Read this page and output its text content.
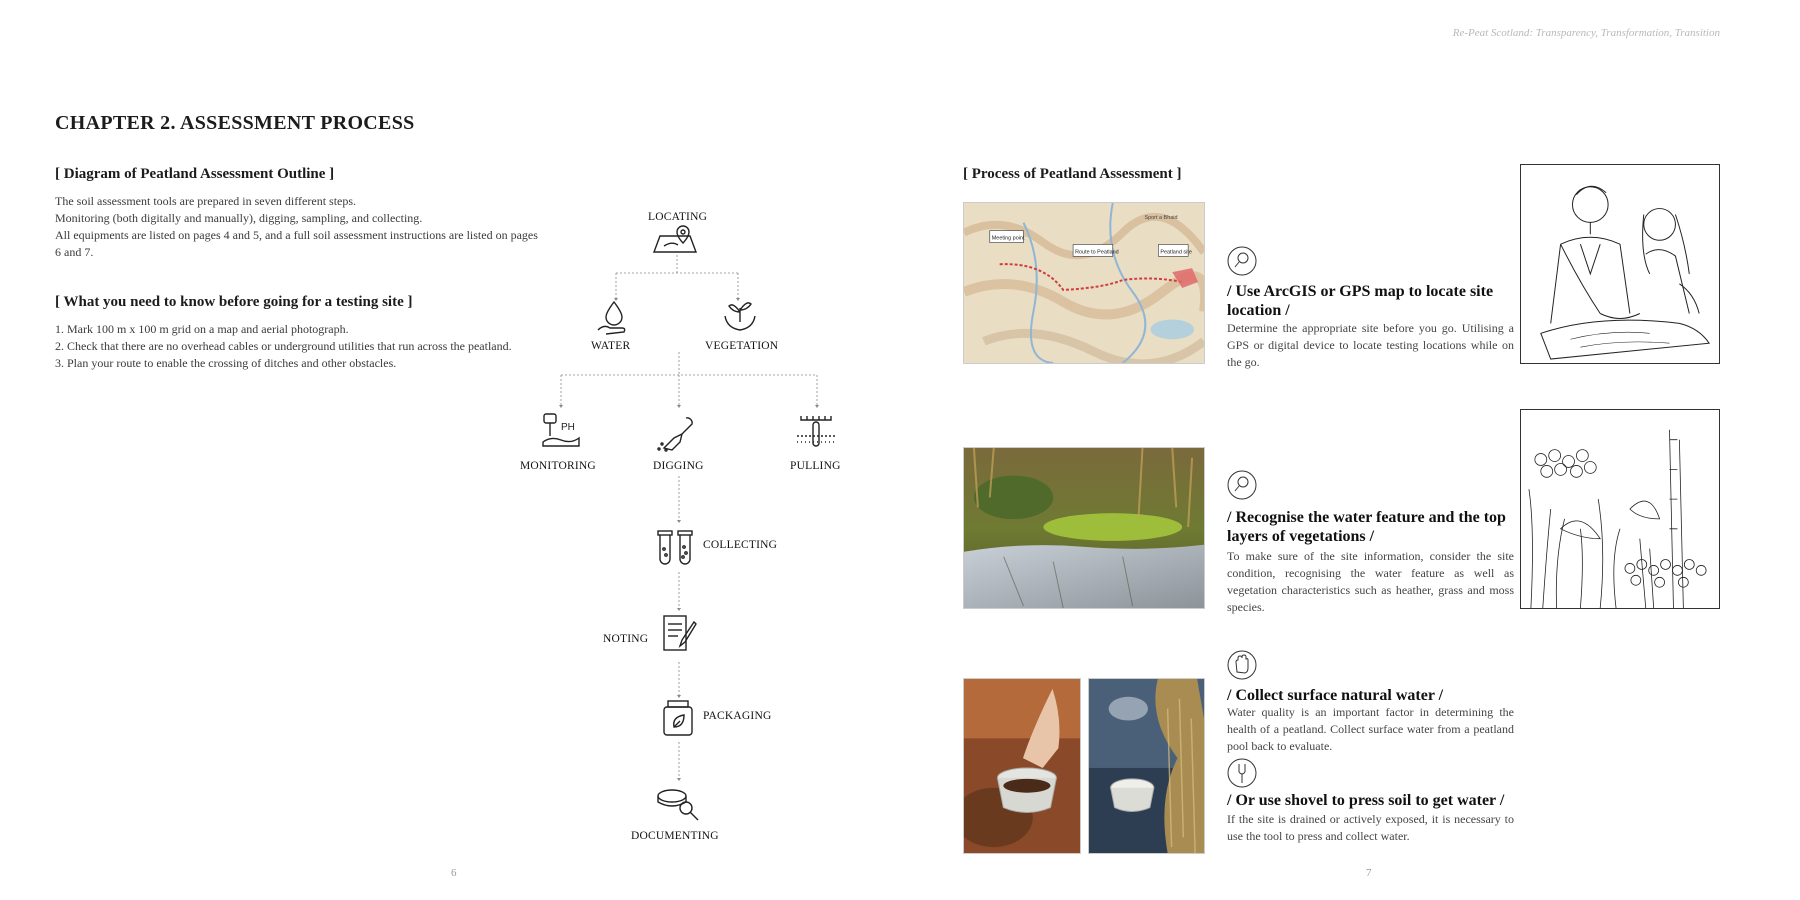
Re-Peat Scotland: Transparency, Transformation, Transition
CHAPTER 2. ASSESSMENT PROCESS
[ Diagram of Peatland Assessment Outline ]

The soil assessment tools are prepared in seven different steps.

Monitoring (both digitally and manually), digging, sampling, and collecting.

All equipments are listed on pages 4 and 5, and a full soil assessment instructions are listed on pages 6 and 7.

[ What you need to know before going for a testing site ]

1. Mark 100 m x 100 m grid on a map and aerial photograph.

2. Check that there are no overhead cables or underground utilities that run across the peatland.

3. Plan your route to enable the crossing of ditches and other obstacles.

LOCATING
WATER	VEGETATION
PH
MONITORING	DIGGING	PULLING
COLLECTING
NOTING
PACKAGING
DOCUMENTING
6
[ Process of Peatland Assessment ]
Meeting point
Route to Peatland	Peatland site
Sport a Bhaid
/ Use ArcGIS or GPS map to locate site location /
Determine the appropriate site before you go. Utilising a GPS or digital device to locate testing locations while on the go.
/ Recognise the water feature and the top layers of vegetations /
To make sure of the site information, consider the site condition, recognising the water feature as well as vegetation characteristics such as heather, grass and moss species.
/ Collect surface natural water /
Water quality is an important factor in determining the health of a peatland. Collect surface water from a peatland pool back to evaluate.
/ Or use shovel to press soil to get water /
If the site is drained or actively exposed, it is necessary to use the tool to press and collect water.
7
